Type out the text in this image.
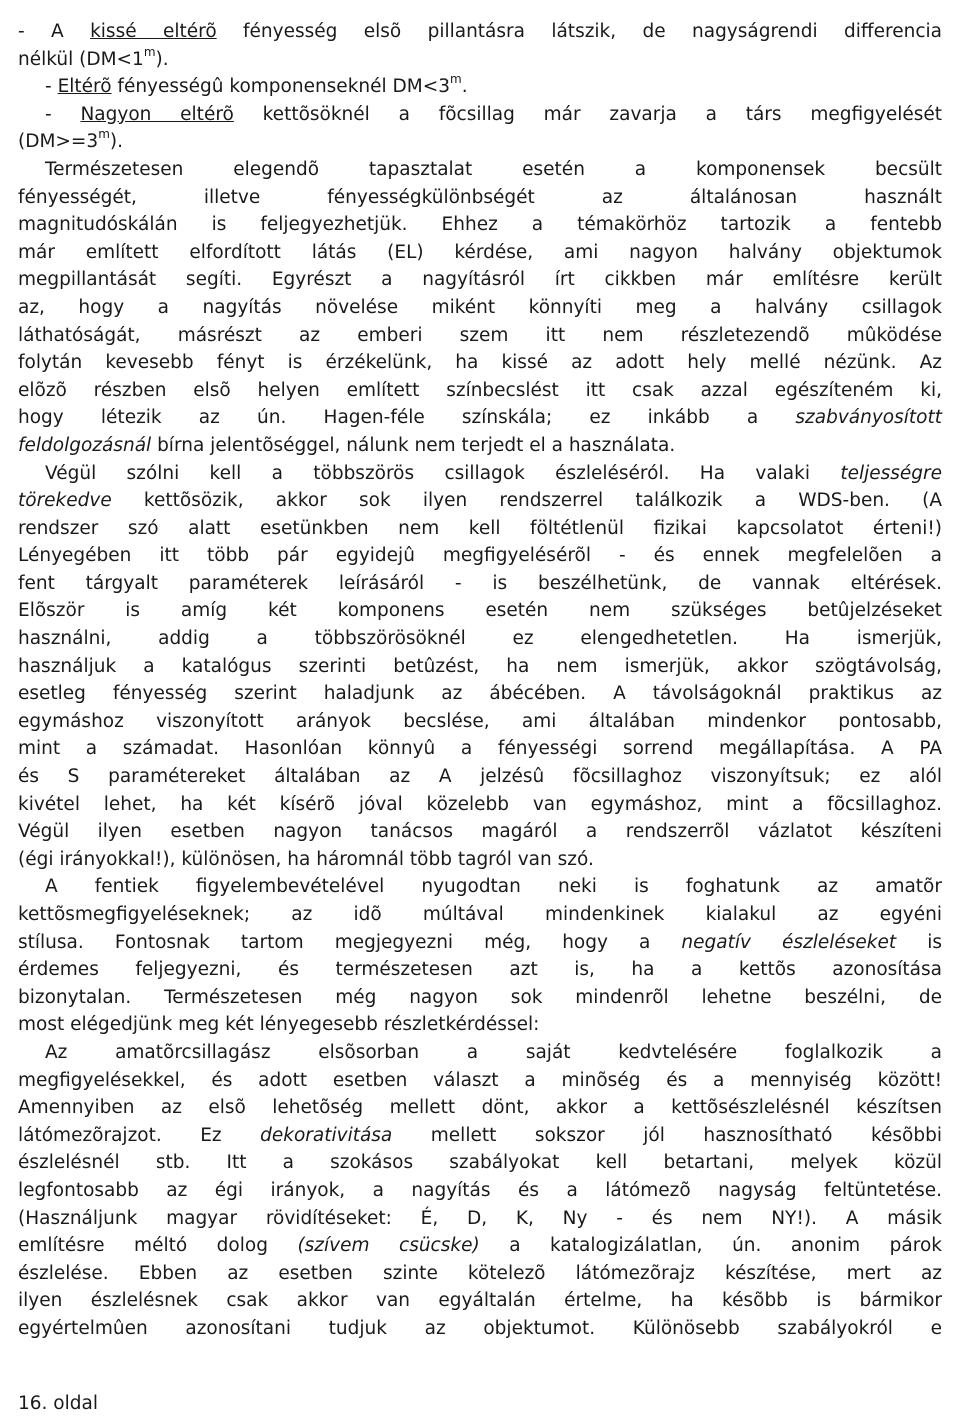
- A kissé eltérõ fényesség elsõ pillantásra látszik, de nagyságrendi differencia
nélkül $(DM<1^m)$.
- Eltérõ fényességû komponenseknél $DM<3^m$.
- Nagyon eltérõ kettõsöknél a fõcsillag már zavarja a társ megfigyelését
$(DM>=3^m)$.
Természetesen elegendõ tapasztalat esetén a komponensek becsült
fényességét, illetve fényességkülönbségét az általánosan használt
magnitudóskálán is feljegyezhetjük. Ehhez a témakörhöz tartozik a fentebb
már említett elfordított látás (EL) kérdése, ami nagyon halvány objektumok
megpillantását segíti. Egyrészt a nagyításról írt cikkben már említésre került
az, hogy a nagyítás növelése miként könnyíti meg a halvány csillagok
láthatóságát, másrészt az emberi szem itt nem részletezendõ mûködése
folytán kevesebb fényt is érzékelünk, ha kissé az adott hely mellé nézünk. Az
elõzõ részben elsõ helyen említett színbecslést itt csak azzal egészíteném ki,
hogy létezik az ún. Hagen-féle színskála; ez inkább a szabványosított
feldolgozásnál bírna jelentõséggel, nálunk nem terjedt el a használata.
Végül szólni kell a többszörös csillagok észleléséról. Ha valaki teljességre
törekedve kettõsözik, akkor sok ilyen rendszerrel találkozik a WDS-ben. (A
rendszer szó alatt esetünkben nem kell föltétlenül fizikai kapcsolatot érteni!)
Lényegében itt több pár egyidejû megfigyelésérõl - és ennek megfelelõen a
fent tárgyalt paraméterek leírásáról - is beszélhetünk, de vannak eltérések.
Elõször is amíg két komponens esetén nem szükséges betûjelzéseket
használni, addig a többszörösöknél ez elengedhetetlen. Ha ismerjük,
használjuk a katalógus szerinti betûzést, ha nem ismerjük, akkor szögtávolság,
esetleg fényesség szerint haladjunk az ábécében. A távolságoknál praktikus az
egymáshoz viszonyított arányok becslése, ami általában mindenkor pontosabb,
mint a számadat. Hasonlóan könnyû a fényességi sorrend megállapítása. A PA
és S paramétereket általában az A jelzésû fõcsillaghoz viszonyítsuk; ez alól
kivétel lehet, ha két kísérõ jóval közelebb van egymáshoz, mint a fõcsillaghoz.
Végül ilyen esetben nagyon tanácsos magáról a rendszerrõl vázlatot készíteni
(égi irányokkal!), különösen, ha háromnál több tagról van szó.
A fentiek figyelembevételével nyugodtan neki is foghatunk az amatõr
kettõsmegfigyeléseknek; az idõ múltával mindenkinek kialakul az egyéni
stílusa. Fontosnak tartom megjegyezni még, hogy a negatív észleléseket is
érdemes feljegyezni, és természetesen azt is, ha a kettõs azonosítása
bizonytalan. Természetesen még nagyon sok mindenrõl lehetne beszélni, de
most elégedjünk meg két lényegesebb részletkérdéssel:
Az amatõrcsillagász elsõsorban a saját kedvtelésére foglalkozik a
megfigyelésekkel, és adott esetben választ a minõség és a mennyiség között!
Amennyiben az elsõ lehetõség mellett dönt, akkor a kettõsészlelésnél készítsen
látómezõrajzot. Ez dekorativitása mellett sokszor jól hasznosítható késõbbi
észlelésnél stb. Itt a szokásos szabályokat kell betartani, melyek közül
legfontosabb az égi irányok, a nagyítás és a látómezõ nagyság feltüntetése.
(Használjunk magyar rövidítéseket: É, D, K, Ny - és nem NY!). A másik
említésre méltó dolog (szívem csücske) a katalogizálatlan, ún. anonim párok
észlelése. Ebben az esetben szinte kötelezõ látómezõrajz készítése, mert az
ilyen észlelésnek csak akkor van egyáltalán értelme, ha késõbb is bármikor
egyértelmûen azonosítani tudjuk az objektumot. Különösebb szabályokról e
16. oldal
